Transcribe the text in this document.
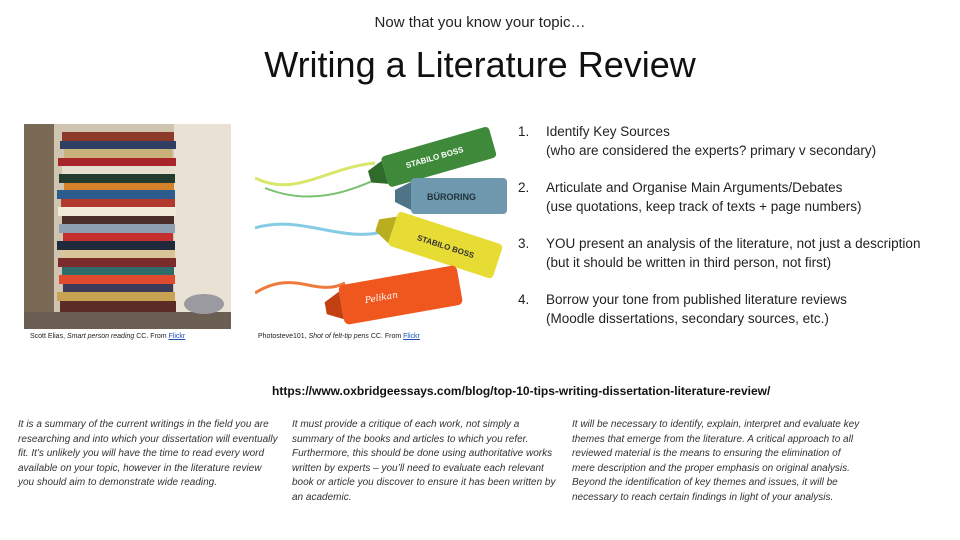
Now that you know your topic…
Writing a Literature Review
Scott Elias, Smart person reading CC. From Flickr
STABILO BOSS
BÜRORING
STABILO BOSS
Pelikan
Photosteve101, Shot of felt-tip pens CC. From Flickr
1.	Identify Key Sources
(who are considered the experts? primary v secondary)
2.	Articulate and Organise Main Arguments/Debates
(use quotations, keep track of texts + page numbers)
3.	YOU present an analysis of the literature, not just a description
(but it should be written in third person, not first)
4.	Borrow your tone from published literature reviews
(Moodle dissertations, secondary sources, etc.)
https://www.oxbridgeessays.com/blog/top-10-tips-writing-dissertation-literature-review/
It is a summary of the current writings in the field you are researching and into which your dissertation will eventually fit. It’s unlikely you will have the time to read every word available on your topic, however in the literature review you should aim to demonstrate wide reading.
It must provide a critique of each work, not simply a summary of the books and articles to which you refer. Furthermore, this should be done using authoritative works written by experts – you’ll need to evaluate each relevant book or article you discover to ensure it has been written by an academic.
It will be necessary to identify, explain, interpret and evaluate key themes that emerge from the literature. A critical approach to all reviewed material is the means to ensuring the elimination of mere description and the proper emphasis on original analysis. Beyond the identification of key themes and issues, it will be necessary to reach certain findings in light of your analysis.
